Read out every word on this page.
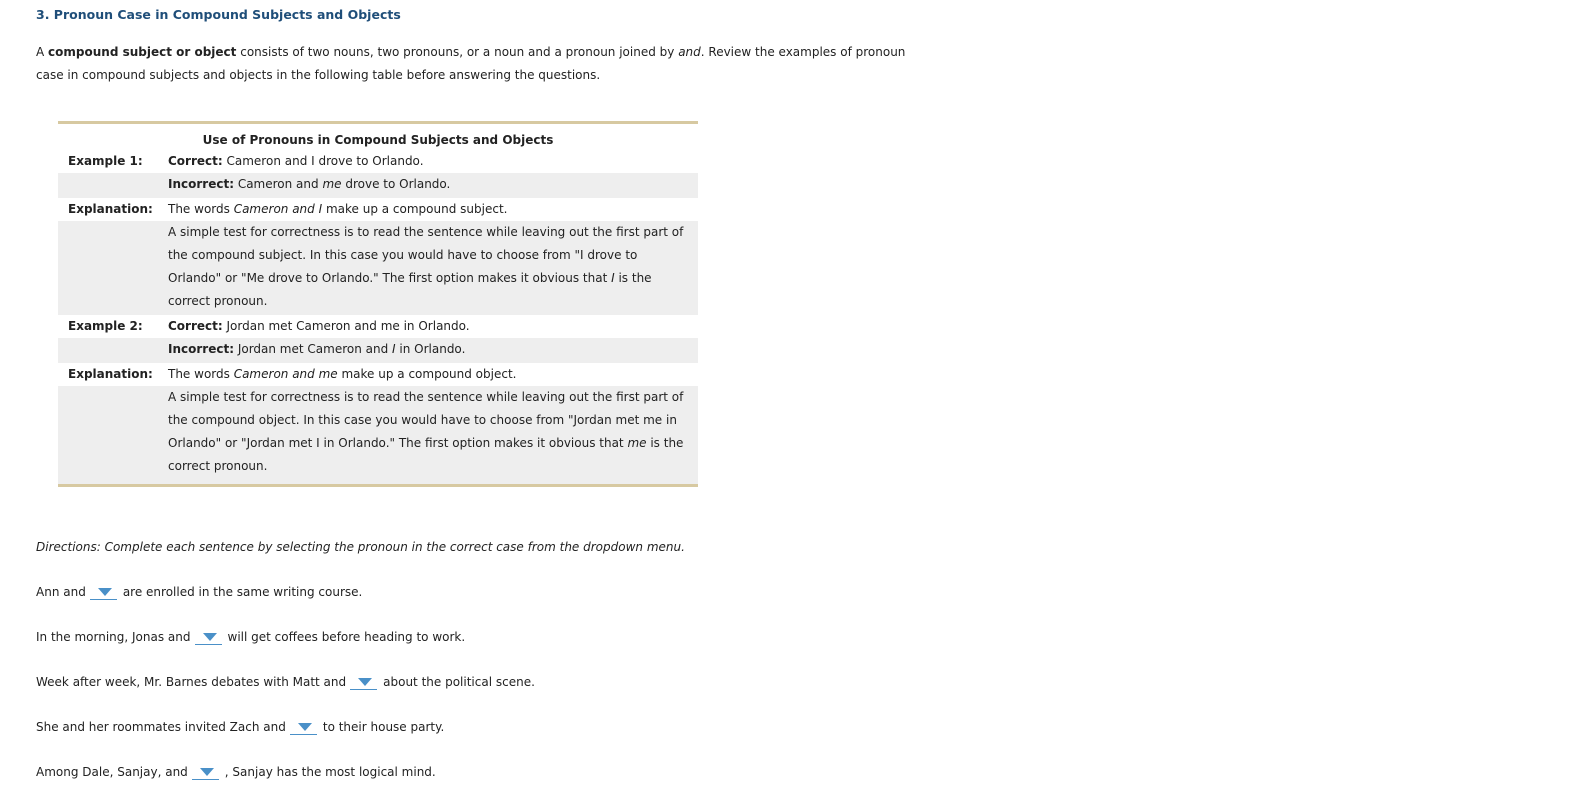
3. Pronoun Case in Compound Subjects and Objects
A compound subject or object consists of two nouns, two pronouns, or a noun and a pronoun joined by and. Review the examples of pronoun case in compound subjects and objects in the following table before answering the questions.
Use of Pronouns in Compound Subjects and Objects	
Example 1:	Correct: Cameron and I drove to Orlando.
	Incorrect: Cameron and me drove to Orlando.
Explanation:	The words Cameron and I make up a compound subject.
	A simple test for correctness is to read the sentence while leaving out the first part of the compound subject. In this case you would have to choose from "I drove to Orlando" or "Me drove to Orlando." The first option makes it obvious that I is the correct pronoun.
Example 2:	Correct: Jordan met Cameron and me in Orlando.
	Incorrect: Jordan met Cameron and I in Orlando.
Explanation:	The words Cameron and me make up a compound object.
	A simple test for correctness is to read the sentence while leaving out the first part of the compound object. In this case you would have to choose from "Jordan met me in Orlando" or "Jordan met I in Orlando." The first option makes it obvious that me is the correct pronoun.
Directions: Complete each sentence by selecting the pronoun in the correct case from the dropdown menu.
Ann and	are enrolled in the same writing course.
In the morning, Jonas and	will get coffees before heading to work.
Week after week, Mr. Barnes debates with Matt and	about the political scene.
She and her roommates invited Zach and	to their house party.
Among Dale, Sanjay, and	, Sanjay has the most logical mind.
